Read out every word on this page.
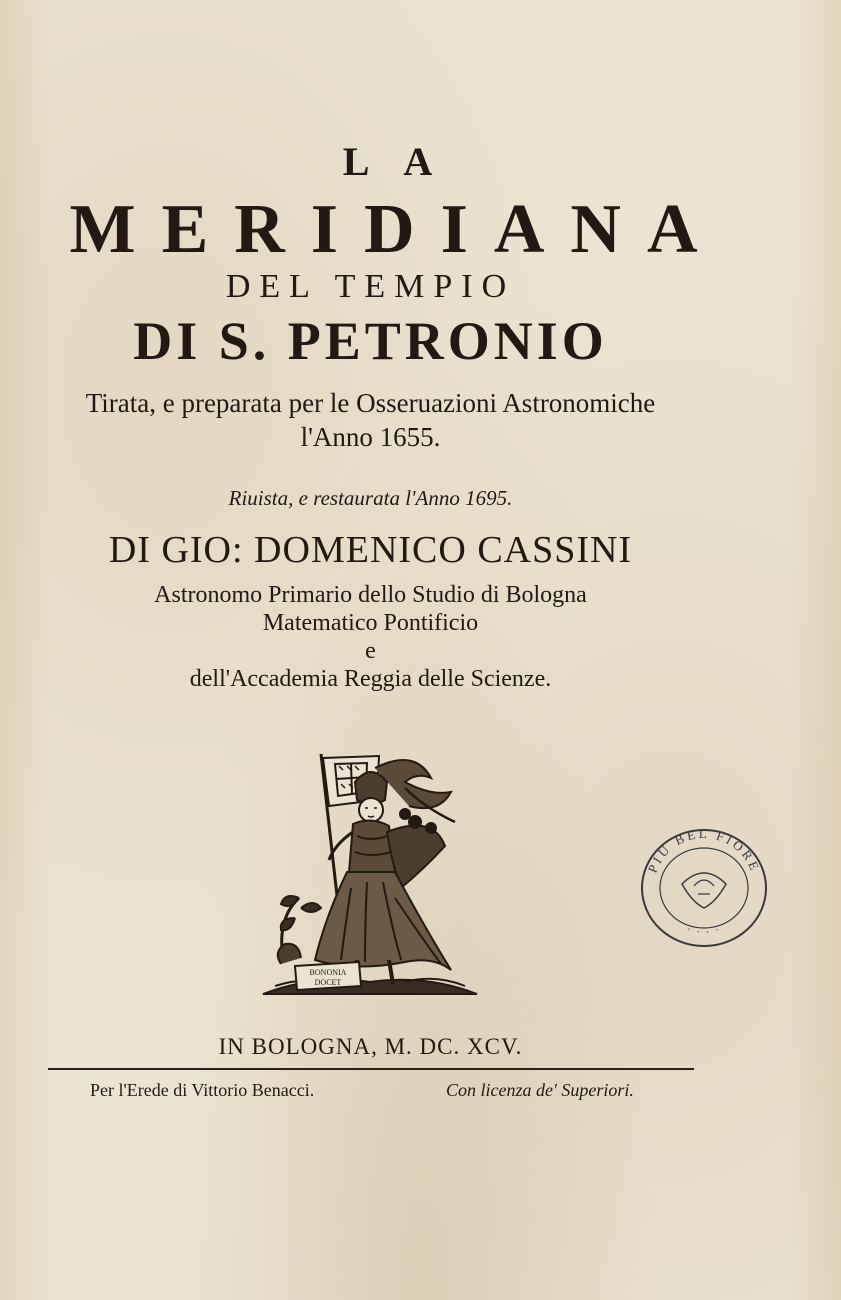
LA
MERIDIANA
DEL TEMPIO
DI S. PETRONIO
Tirata, e preparata per le Osseruazioni Astronomiche
l'Anno 1655.
Riuista, e restaurata l'Anno 1695.
DI GIO: DOMENICO CASSINI
Astronomo Primario dello Studio di Bologna
Matematico Pontificio
e
dell'Accademia Reggia delle Scienze.
BONONIA
DOCET
PIU BEL FIORE
· · · ·
IN BOLOGNA, M. DC. XCV.
Per l'Erede di Vittorio Benacci.	Con licenza de' Superiori.
